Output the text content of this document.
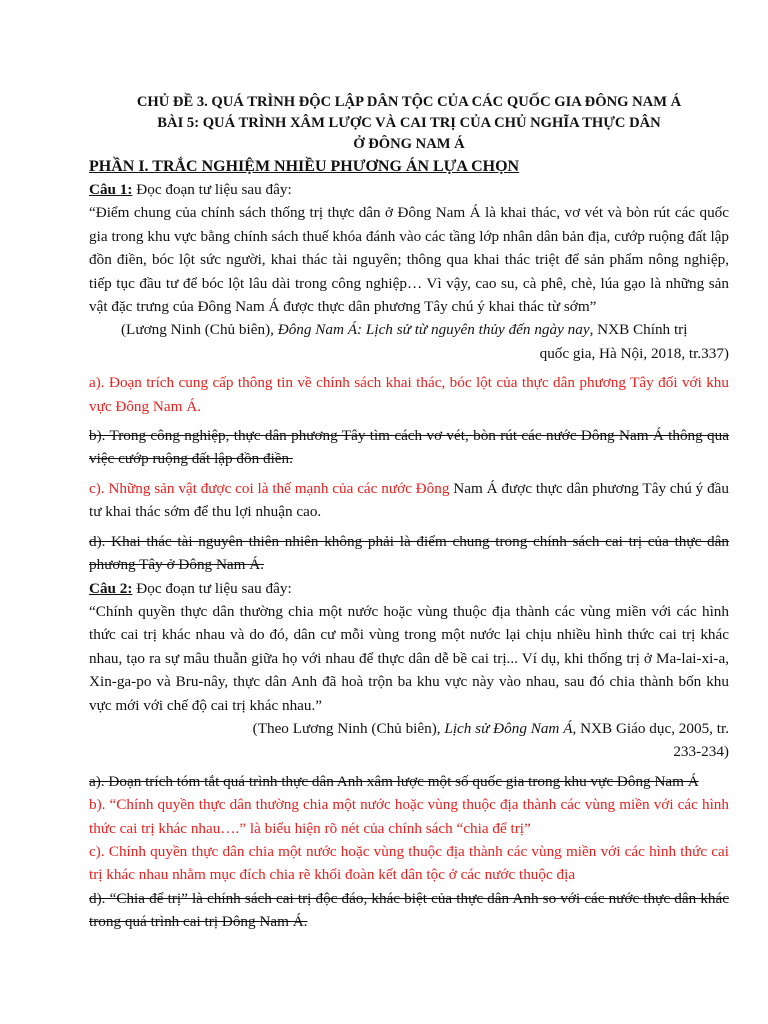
CHỦ ĐỀ 3. QUÁ TRÌNH ĐỘC LẬP DÂN TỘC CỦA CÁC QUỐC GIA ĐÔNG NAM Á
BÀI 5: QUÁ TRÌNH XÂM LƯỢC VÀ CAI TRỊ CỦA CHỦ NGHĨA THỰC DÂN
Ở ĐÔNG NAM Á
PHẦN I. TRẮC NGHIỆM NHIỀU PHƯƠNG ÁN LỰA CHỌN

Câu 1: Đọc đoạn tư liệu sau đây:

“Điểm chung của chính sách thống trị thực dân ở Đông Nam Á là khai thác, vơ vét và bòn rút các quốc gia trong khu vực bằng chính sách thuế khóa đánh vào các tầng lớp nhân dân bản địa, cướp ruộng đất lập đồn điền, bóc lột sức người, khai thác tài nguyên; thông qua khai thác triệt để sản phẩm nông nghiệp, tiếp tục đầu tư để bóc lột lâu dài trong công nghiệp… Vì vậy, cao su, cà phê, chè, lúa gạo là những sản vật đặc trưng của Đông Nam Á được thực dân phương Tây chú ý khai thác từ sớm”

(Lương Ninh (Chủ biên), Đông Nam Á: Lịch sử từ nguyên thủy đến ngày nay, NXB Chính trị

quốc gia, Hà Nội, 2018, tr.337)

a). Đoạn trích cung cấp thông tin về chính sách khai thác, bóc lột của thực dân phương Tây đối với khu vực Đông Nam Á.

b). Trong công nghiệp, thực dân phương Tây tìm cách vơ vét, bòn rút các nước Đông Nam Á thông qua việc cướp ruộng đất lập đồn điền.

c). Những sản vật được coi là thế mạnh của các nước Đông Nam Á được thực dân phương Tây chú ý đầu tư khai thác sớm để thu lợi nhuận cao.

d). Khai thác tài nguyên thiên nhiên không phải là điểm chung trong chính sách cai trị của thực dân phương Tây ở Đông Nam Á.

Câu 2: Đọc đoạn tư liệu sau đây:

“Chính quyền thực dân thường chia một nước hoặc vùng thuộc địa thành các vùng miền với các hình thức cai trị khác nhau và do đó, dân cư mỗi vùng trong một nước lại chịu nhiều hình thức cai trị khác nhau, tạo ra sự mâu thuẫn giữa họ với nhau để thực dân dễ bề cai trị... Ví dụ, khi thống trị ở Ma-lai-xi-a, Xin-ga-po và Bru-nây, thực dân Anh đã hoà trộn ba khu vực này vào nhau, sau đó chia thành bốn khu vực mới với chế độ cai trị khác nhau.”

(Theo Lương Ninh (Chủ biên), Lịch sử Đông Nam Á, NXB Giáo dục, 2005, tr.

233-234)

a). Đoạn trích tóm tắt quá trình thực dân Anh xâm lược một số quốc gia trong khu vực Đông Nam Á

b). “Chính quyền thực dân thường chia một nước hoặc vùng thuộc địa thành các vùng miền với các hình thức cai trị khác nhau….” là biểu hiện rõ nét của chính sách “chia để trị”

c). Chính quyền thực dân chia một nước hoặc vùng thuộc địa thành các vùng miền với các hình thức cai trị khác nhau nhằm mục đích chia rẽ khối đoàn kết dân tộc ở các nước thuộc địa

d). “Chia để trị” là chính sách cai trị độc đáo, khác biệt của thực dân Anh so với các nước thực dân khác trong quá trình cai trị Đông Nam Á.
